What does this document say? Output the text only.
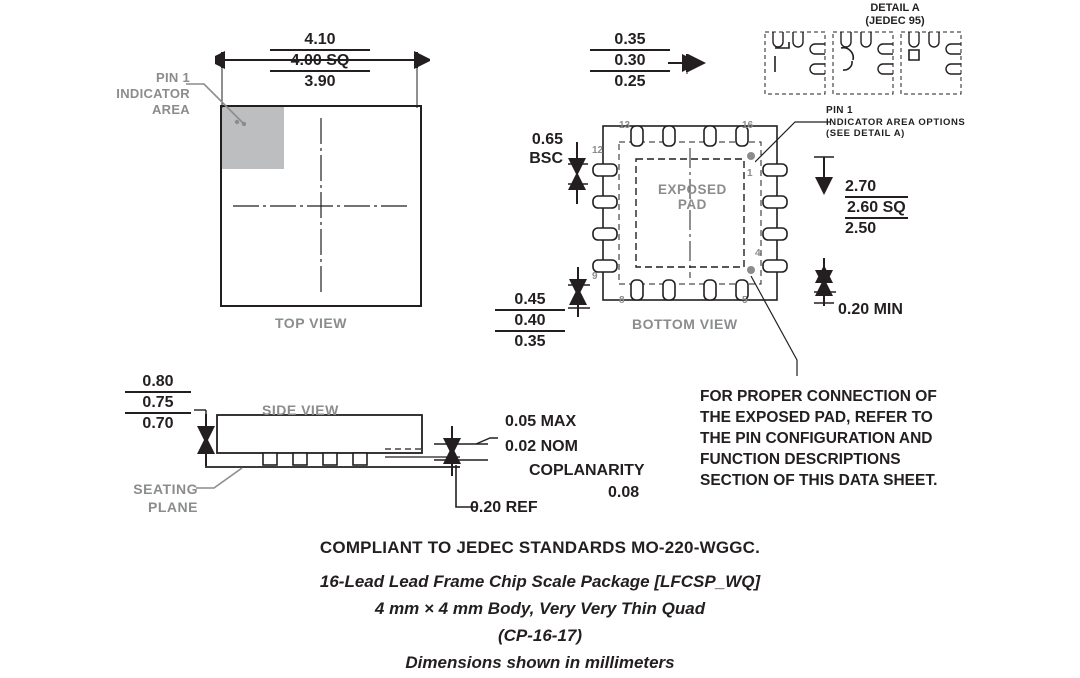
4.10
4.00 SQ
3.90
PIN 1
INDICATOR
AREA
TOP VIEW
13	16
12
9
8	5
4
1
EXPOSED
PAD
BOTTOM VIEW
0.35
0.30
0.25
0.65
BSC
0.45
0.40
0.35
2.70
2.60 SQ
2.50
0.20 MIN
DETAIL A
(JEDEC 95)
PIN 1
INDICATOR AREA OPTIONS
(SEE DETAIL A)
SIDE VIEW
0.80
0.75
0.70
SEATING
PLANE
0.05 MAX
0.02 NOM
COPLANARITY
0.08
0.20 REF
FOR PROPER CONNECTION OF
THE EXPOSED PAD, REFER TO
THE PIN CONFIGURATION AND
FUNCTION DESCRIPTIONS
SECTION OF THIS DATA SHEET.
COMPLIANT TO JEDEC STANDARDS MO-220-WGGC.
16-Lead Lead Frame Chip Scale Package [LFCSP_WQ]
4 mm × 4 mm Body, Very Very Thin Quad
(CP-16-17)
Dimensions shown in millimeters
